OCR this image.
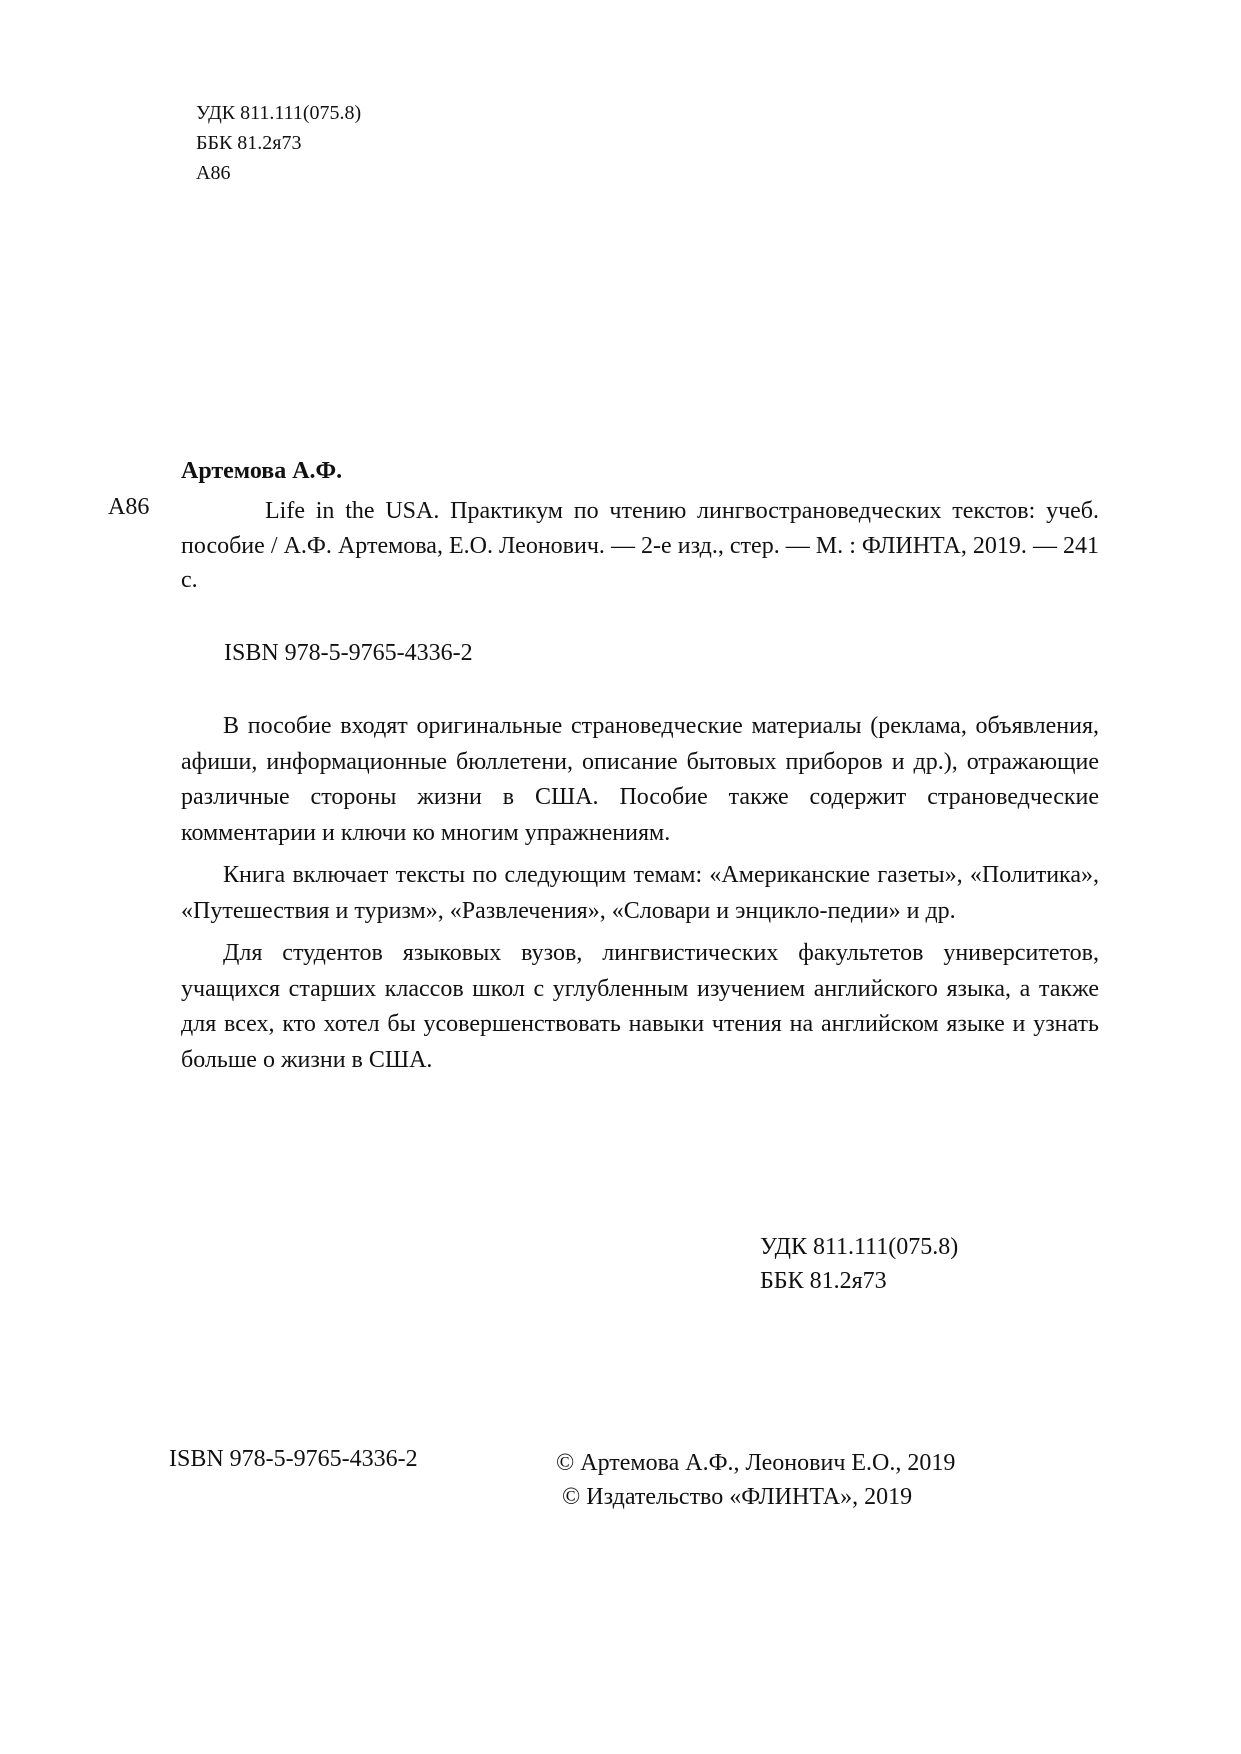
УДК 811.111(075.8)
ББК 81.2я73
А86
Артемова А.Ф.
А86	Life in the USA. Практикум по чтению лингвострановедческих текстов: учеб. пособие / А.Ф. Артемова, Е.О. Леонович. — 2-е изд., стер. — М. : ФЛИНТА, 2019. — 241 с.

ISBN 978-5-9765-4336-2

В пособие входят оригинальные страноведческие материалы (реклама, объявления, афиши, информационные бюллетени, описание бытовых приборов и др.), отражающие различные стороны жизни в США. Пособие также содержит страноведческие комментарии и ключи ко многим упражнениям.

Книга включает тексты по следующим темам: «Американские газеты», «Политика», «Путешествия и туризм», «Развлечения», «Словари и энцикло-педии» и др.

Для студентов языковых вузов, лингвистических факультетов университетов, учащихся старших классов школ с углубленным изучением английского языка, а также для всех, кто хотел бы усовершенствовать навыки чтения на английском языке и узнать больше о жизни в США.

УДК 811.111(075.8)
ББК 81.2я73
ISBN 978-5-9765-4336-2	© Артемова А.Ф., Леонович Е.О., 2019
© Издательство «ФЛИНТА», 2019
